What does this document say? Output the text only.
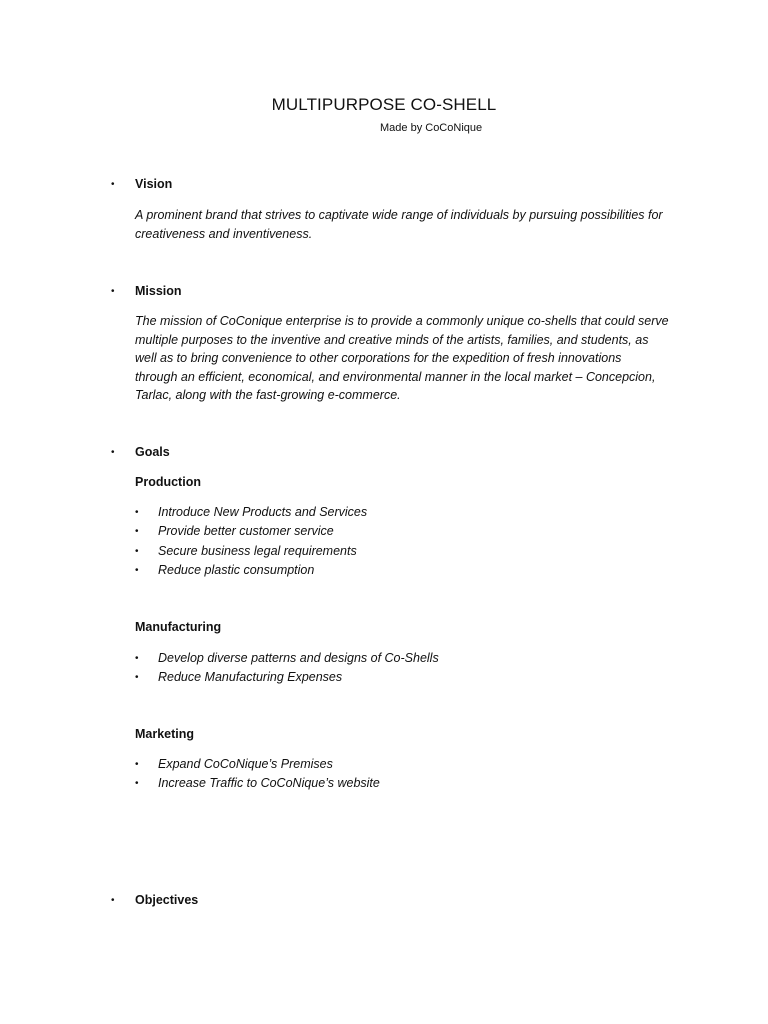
MULTIPURPOSE CO-SHELL
Made by CoCoNique
•	Vision
A prominent brand that strives to captivate wide range of individuals by pursuing possibilities for
creativeness and inventiveness.
•	Mission
The mission of CoConique enterprise is to provide a commonly unique co-shells that could serve
multiple purposes to the inventive and creative minds of the artists, families, and students, as
well as to bring convenience to other corporations for the expedition of fresh innovations
through an efficient, economical, and environmental manner in the local market – Concepcion,
Tarlac, along with the fast-growing e-commerce.
•	Goals
Production
•	Introduce New Products and Services
•	Provide better customer service
•	Secure business legal requirements
•	Reduce plastic consumption
Manufacturing
•	Develop diverse patterns and designs of Co-Shells
•	Reduce Manufacturing Expenses
Marketing
•	Expand CoCoNique’s Premises
•	Increase Traffic to CoCoNique’s website
•	Objectives
